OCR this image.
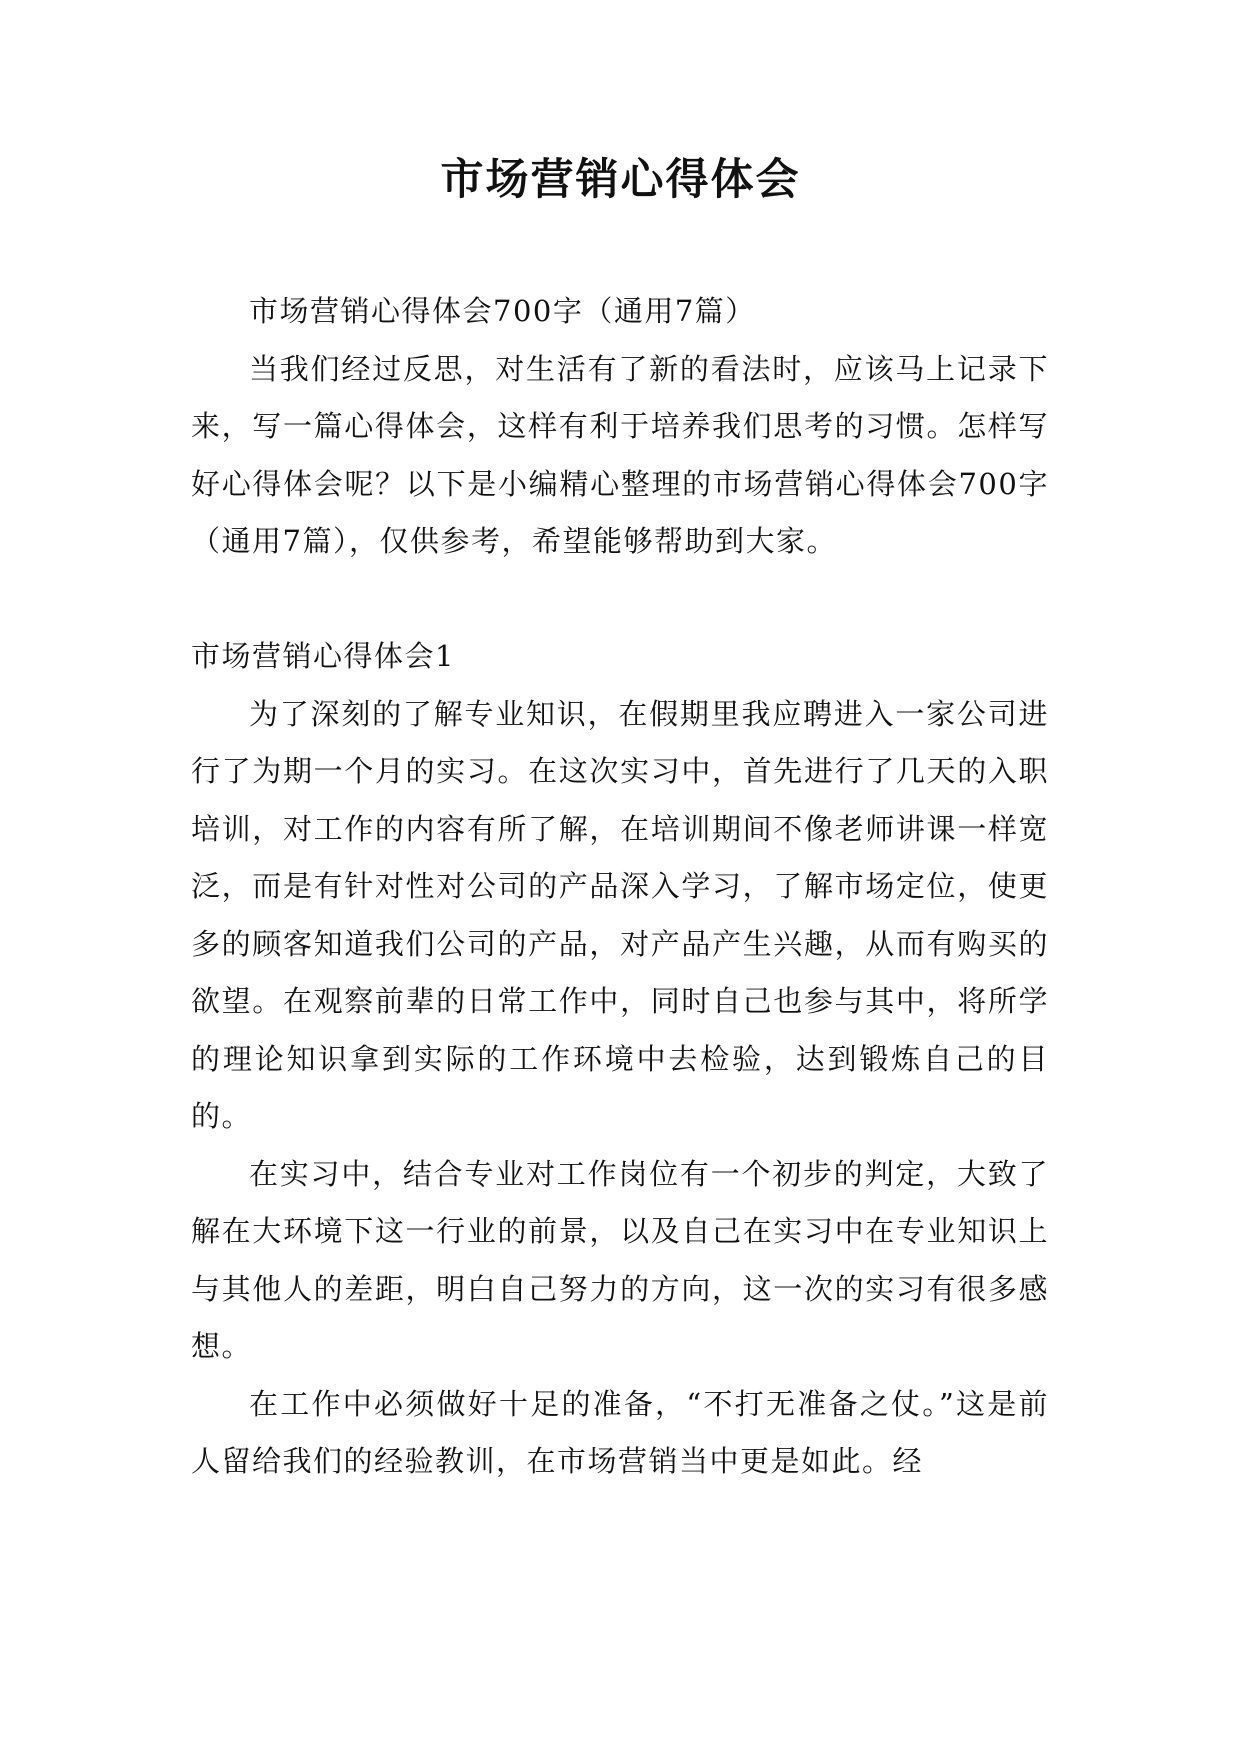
市场营销心得体会

市场营销心得体会700字（通用7篇）

当我们经过反思，对生活有了新的看法时，应该马上记录下来，写一篇心得体会，这样有利于培养我们思考的习惯。怎样写好心得体会呢？以下是小编精心整理的市场营销心得体会700字（通用7篇），仅供参考，希望能够帮助到大家。

市场营销心得体会1

为了深刻的了解专业知识，在假期里我应聘进入一家公司进行了为期一个月的实习。在这次实习中，首先进行了几天的入职培训，对工作的内容有所了解，在培训期间不像老师讲课一样宽泛，而是有针对性对公司的产品深入学习，了解市场定位，使更多的顾客知道我们公司的产品，对产品产生兴趣，从而有购买的欲望。在观察前辈的日常工作中，同时自己也参与其中，将所学的理论知识拿到实际的工作环境中去检验，达到锻炼自己的目的。

在实习中，结合专业对工作岗位有一个初步的判定，大致了解在大环境下这一行业的前景，以及自己在实习中在专业知识上与其他人的差距，明白自己努力的方向，这一次的实习有很多感想。

在工作中必须做好十足的准备，“不打无准备之仗。”这是前人留给我们的经验教训，在市场营销当中更是如此。经
